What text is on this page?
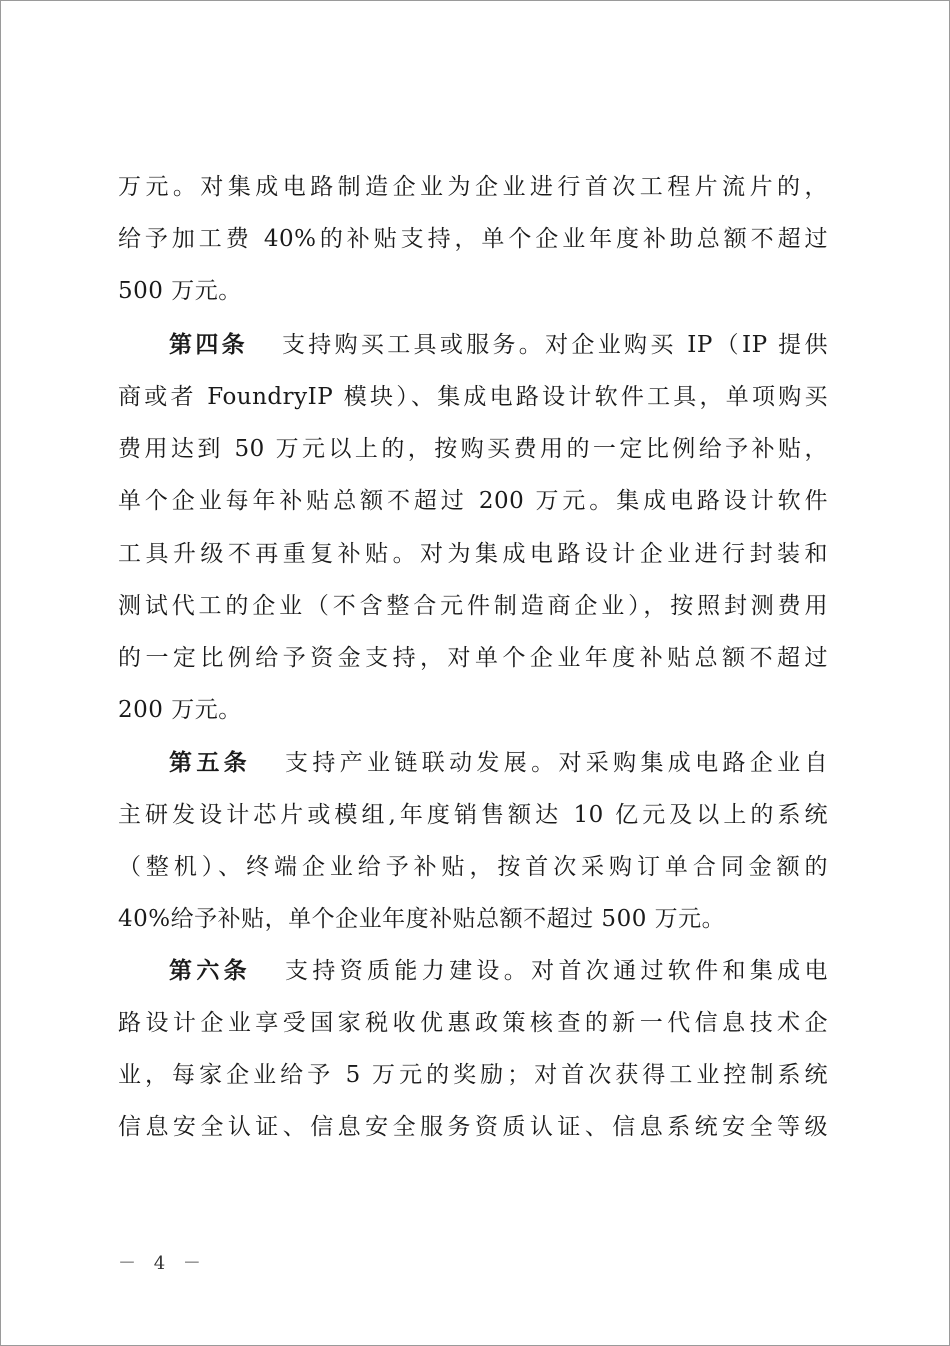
万元。对集成电路制造企业为企业进行首次工程片流片的，
给予加工费 40%的补贴支持，单个企业年度补助总额不超过
500 万元。
第四条 支持购买工具或服务。对企业购买 IP（IP 提供
商或者 FoundryIP 模块）、集成电路设计软件工具，单项购买
费用达到 50 万元以上的，按购买费用的一定比例给予补贴，
单个企业每年补贴总额不超过 200 万元。集成电路设计软件
工具升级不再重复补贴。对为集成电路设计企业进行封装和
测试代工的企业（不含整合元件制造商企业），按照封测费用
的一定比例给予资金支持，对单个企业年度补贴总额不超过
200 万元。
第五条 支持产业链联动发展。对采购集成电路企业自
主研发设计芯片或模组,年度销售额达 10 亿元及以上的系统
（整机）、终端企业给予补贴，按首次采购订单合同金额的
40%给予补贴，单个企业年度补贴总额不超过 500 万元。
第六条 支持资质能力建设。对首次通过软件和集成电
路设计企业享受国家税收优惠政策核查的新一代信息技术企
业，每家企业给予 5 万元的奖励；对首次获得工业控制系统
信息安全认证、信息安全服务资质认证、信息系统安全等级
－ 4 －
